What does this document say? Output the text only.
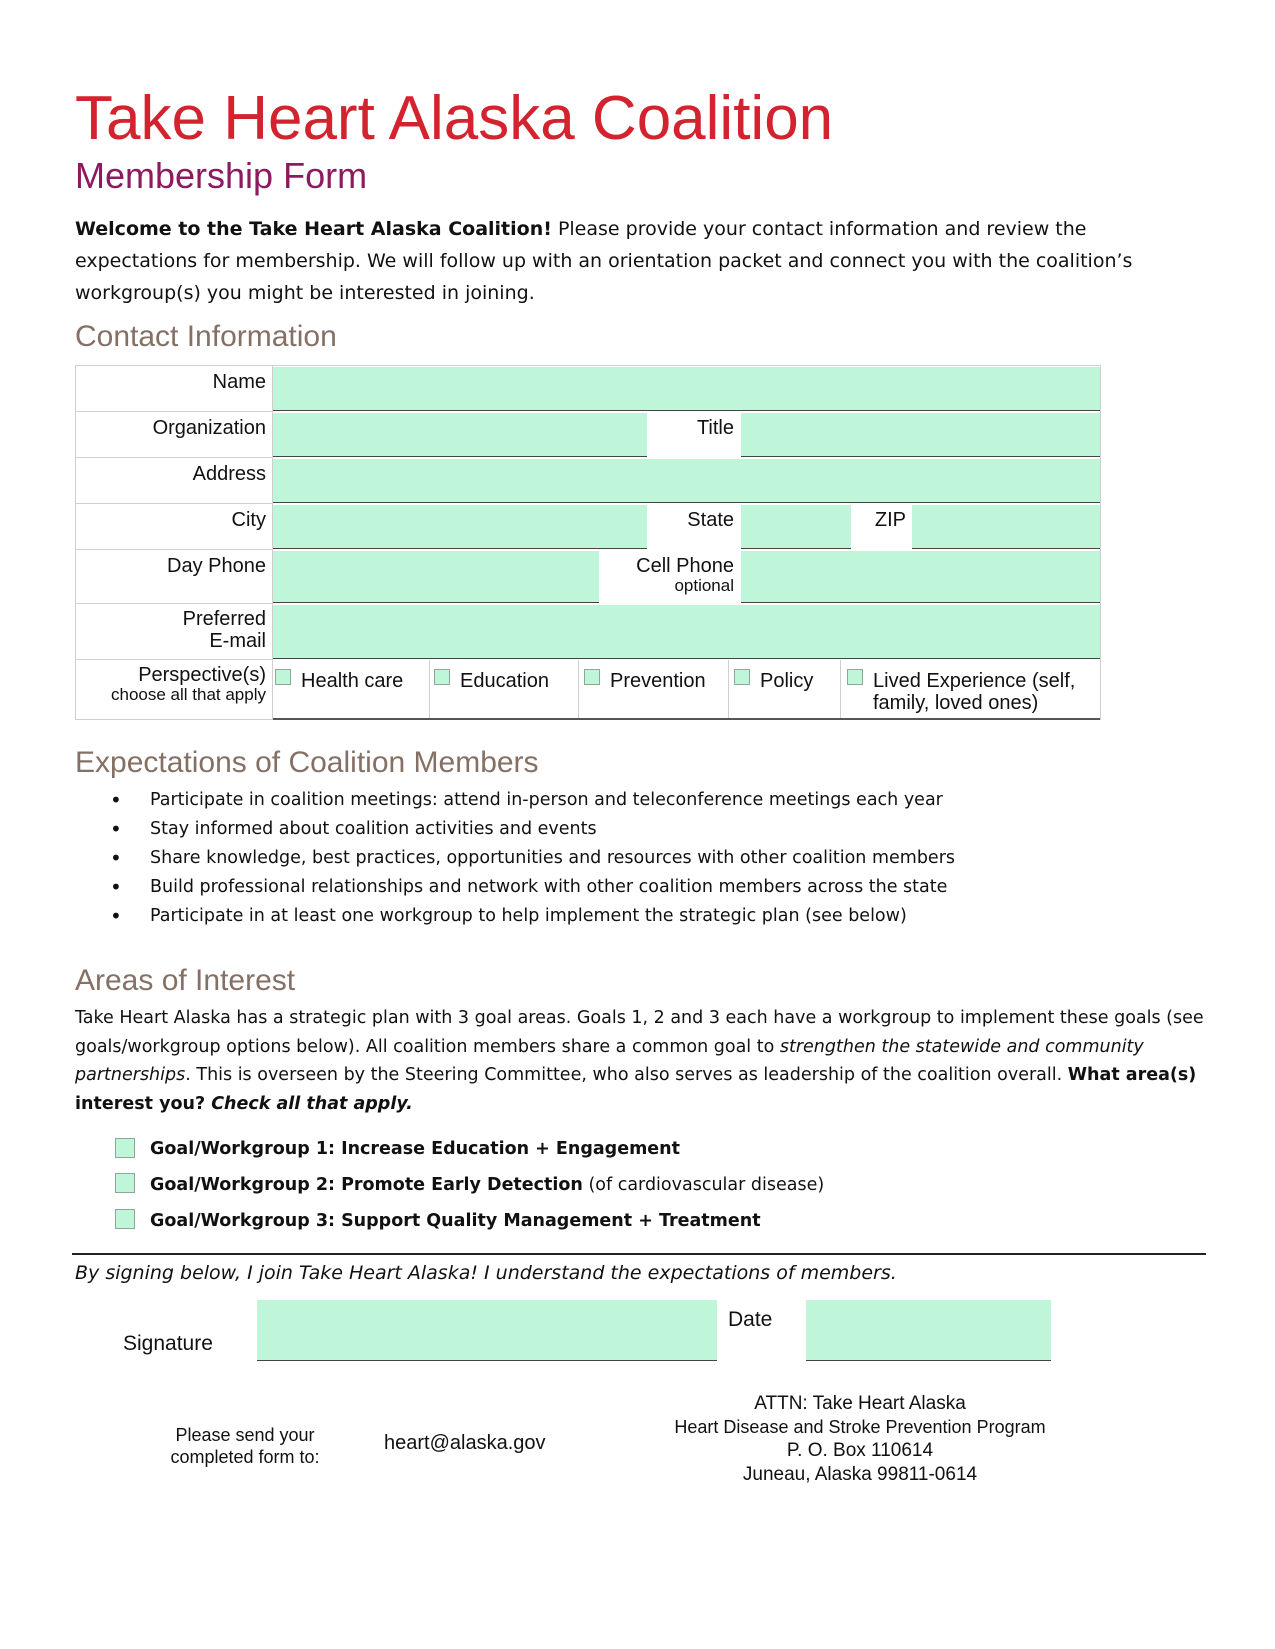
Take Heart Alaska Coalition
Membership Form
Welcome to the Take Heart Alaska Coalition! Please provide your contact information and review the expectations for membership. We will follow up with an orientation packet and connect you with the coalition’s workgroup(s) you might be interested in joining.
Contact Information
Name
Organization	Title
Address
City	State	ZIP
Day Phone	Cell Phone
optional
Preferred
E-mail
Perspective(s)
choose all that apply
Health care	Education	Prevention	Policy	Lived Experience (self,
family, loved ones)
Expectations of Coalition Members
• Participate in coalition meetings: attend in-person and teleconference meetings each year
• Stay informed about coalition activities and events
• Share knowledge, best practices, opportunities and resources with other coalition members
• Build professional relationships and network with other coalition members across the state
• Participate in at least one workgroup to help implement the strategic plan (see below)
Areas of Interest
Take Heart Alaska has a strategic plan with 3 goal areas. Goals 1, 2 and 3 each have a workgroup to implement these goals (see goals/workgroup options below). All coalition members share a common goal to strengthen the statewide and community partnerships. This is overseen by the Steering Committee, who also serves as leadership of the coalition overall. What area(s) interest you? Check all that apply.
Goal/Workgroup 1: Increase Education + Engagement
Goal/Workgroup 2: Promote Early Detection (of cardiovascular disease)
Goal/Workgroup 3: Support Quality Management + Treatment
By signing below, I join Take Heart Alaska! I understand the expectations of members.
Signature
Date
Please send your
completed form to:
heart@alaska.gov
ATTN: Take Heart Alaska
Heart Disease and Stroke Prevention Program
P. O. Box 110614
Juneau, Alaska 99811-0614
